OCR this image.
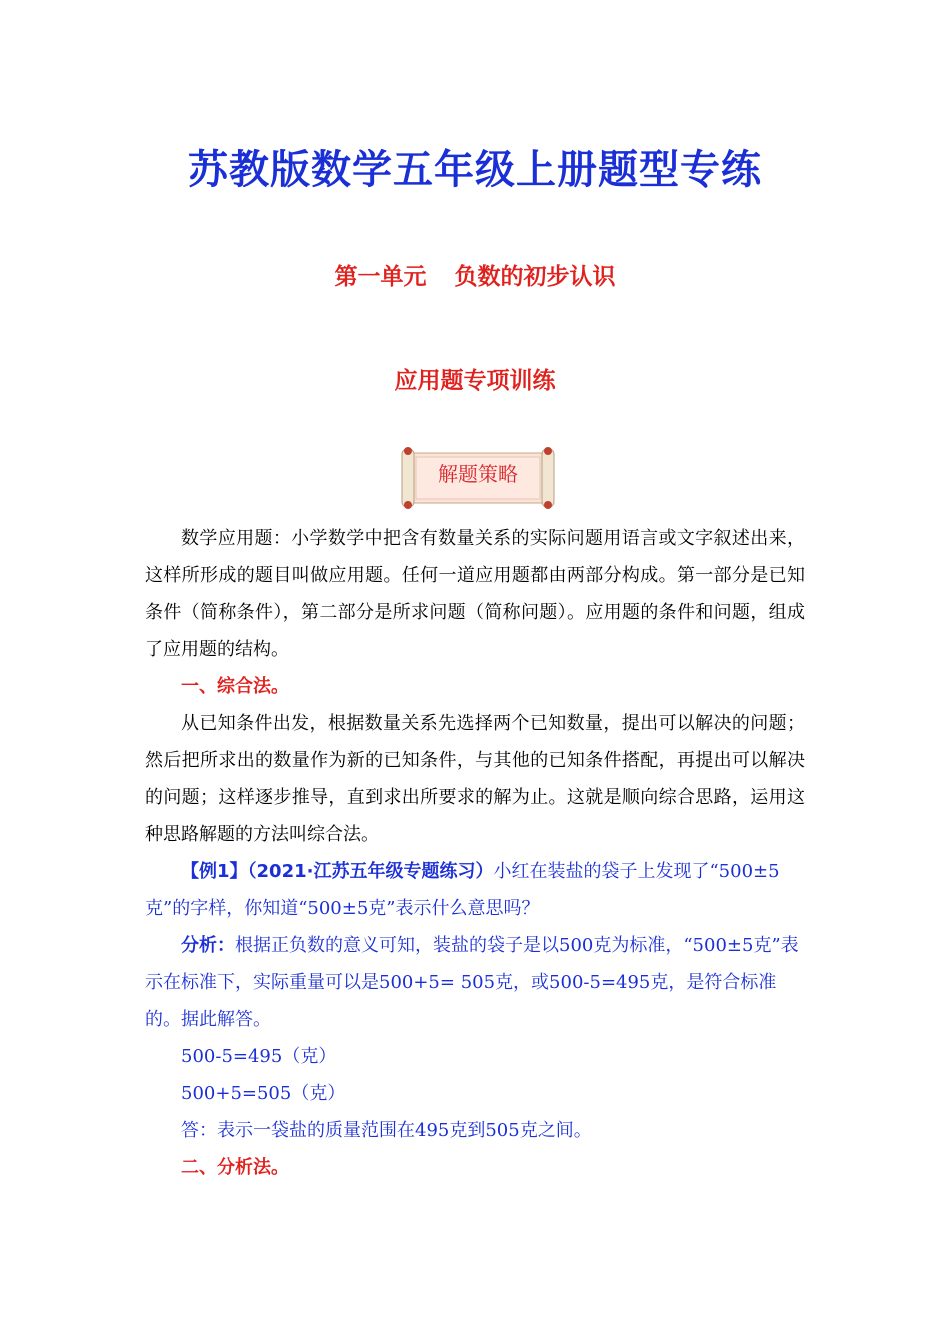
苏教版数学五年级上册题型专练
第一单元 负数的初步认识
应用题专项训练
解题策略

数学应用题：小学数学中把含有数量关系的实际问题用语言或文字叙述出来，这样所形成的题目叫做应用题。任何一道应用题都由两部分构成。第一部分是已知条件（简称条件），第二部分是所求问题（简称问题）。应用题的条件和问题，组成了应用题的结构。

一、综合法。

从已知条件出发，根据数量关系先选择两个已知数量，提出可以解决的问题；然后把所求出的数量作为新的已知条件，与其他的已知条件搭配，再提出可以解决的问题；这样逐步推导，直到求出所要求的解为止。这就是顺向综合思路，运用这种思路解题的方法叫综合法。

【例1】（2021·江苏五年级专题练习）小红在装盐的袋子上发现了“500±5克”的字样，你知道“500±5克”表示什么意思吗？

分析：根据正负数的意义可知，装盐的袋子是以500克为标准，“500±5克”表示在标准下，实际重量可以是500+5= 505克，或500-5=495克，是符合标准的。据此解答。

500-5=495（克）

500+5=505（克）

答：表示一袋盐的质量范围在495克到505克之间。

二、分析法。
